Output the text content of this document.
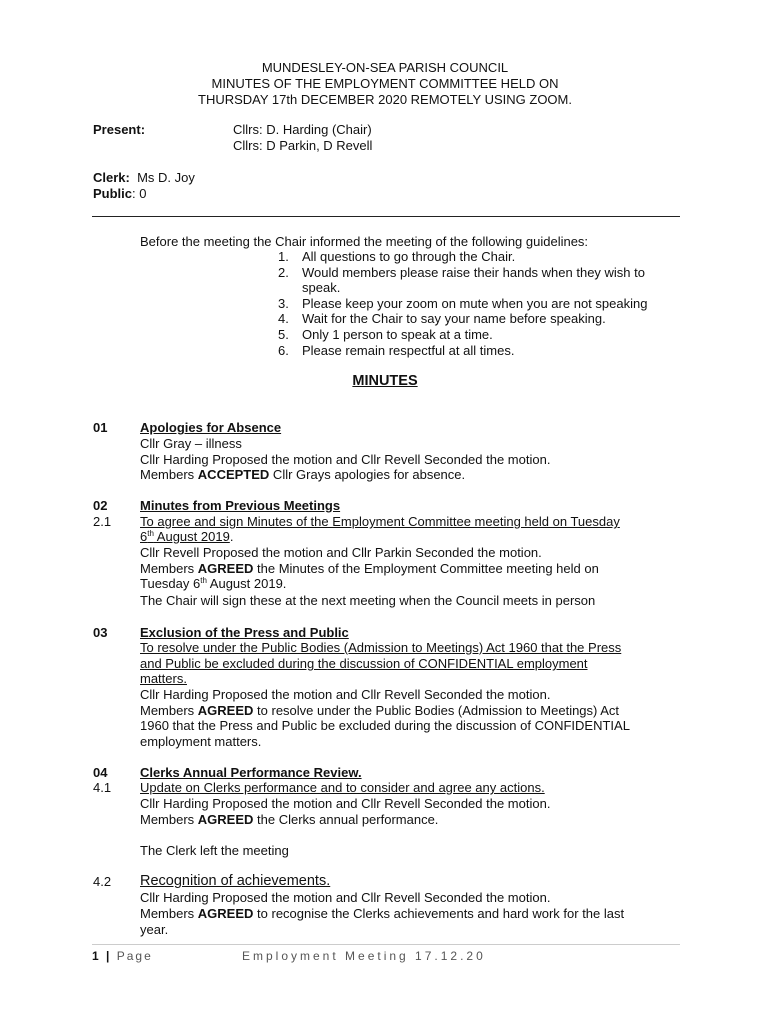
MUNDESLEY-ON-SEA PARISH COUNCIL
MINUTES OF THE EMPLOYMENT COMMITTEE HELD ON
THURSDAY 17th DECEMBER 2020 REMOTELY USING ZOOM.
Present:	Cllrs: D. Harding (Chair)
Cllrs: D Parkin, D Revell
Clerk: Ms D. Joy
Public: 0
Before the meeting the Chair informed the meeting of the following guidelines:
1. All questions to go through the Chair.
2. Would members please raise their hands when they wish to
speak.
3. Please keep your zoom on mute when you are not speaking
4. Wait for the Chair to say your name before speaking.
5. Only 1 person to speak at a time.
6. Please remain respectful at all times.
MINUTES
01	Apologies for Absence
Cllr Gray – illness
Cllr Harding Proposed the motion and Cllr Revell Seconded the motion.
Members ACCEPTED Cllr Grays apologies for absence.
02	Minutes from Previous Meetings
2.1 To agree and sign Minutes of the Employment Committee meeting held on Tuesday
6th August 2019.
Cllr Revell Proposed the motion and Cllr Parkin Seconded the motion.
Members AGREED the Minutes of the Employment Committee meeting held on
Tuesday 6th August 2019.
The Chair will sign these at the next meeting when the Council meets in person
03	Exclusion of the Press and Public
To resolve under the Public Bodies (Admission to Meetings) Act 1960 that the Press
and Public be excluded during the discussion of CONFIDENTIAL employment
matters.
Cllr Harding Proposed the motion and Cllr Revell Seconded the motion.
Members AGREED to resolve under the Public Bodies (Admission to Meetings) Act
1960 that the Press and Public be excluded during the discussion of CONFIDENTIAL
employment matters.
04	Clerks Annual Performance Review.
4.1 Update on Clerks performance and to consider and agree any actions.
Cllr Harding Proposed the motion and Cllr Revell Seconded the motion.
Members AGREED the Clerks annual performance.
The Clerk left the meeting
4.2 Recognition of achievements.
Cllr Harding Proposed the motion and Cllr Revell Seconded the motion.
Members AGREED to recognise the Clerks achievements and hard work for the last
year.
1 | Page	Employment Meeting 17.12.20
